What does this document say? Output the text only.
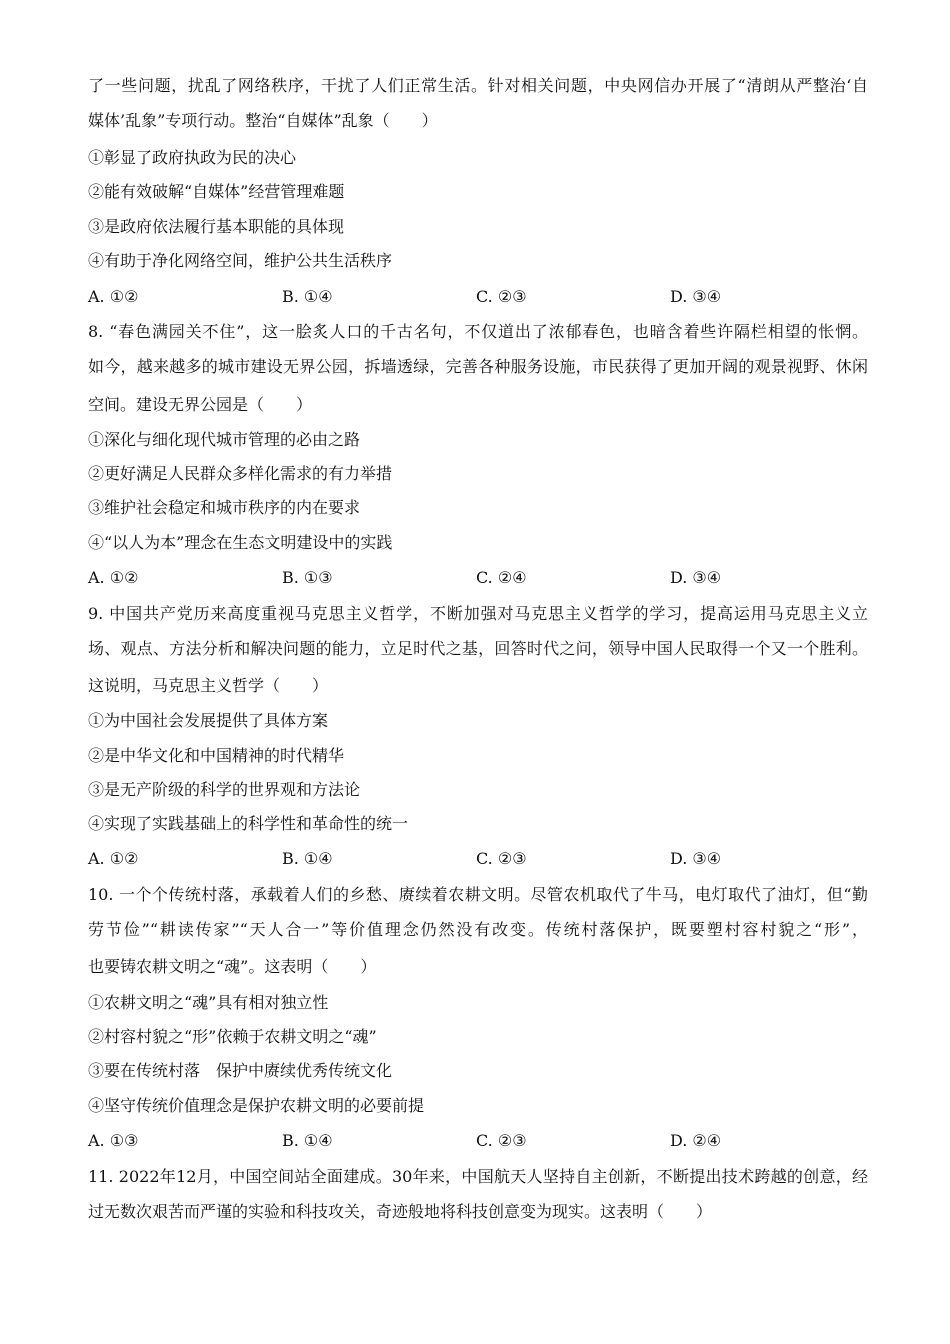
了一些问题，扰乱了网络秩序，干扰了人们正常生活。针对相关问题，中央网信办开展了“清朗从严整治‘自
媒体’乱象”专项行动。整治“自媒体”乱象（　　）
①彰显了政府执政为民的决心
②能有效破解“自媒体”经营管理难题
③是政府依法履行基本职能的具体现
④有助于净化网络空间，维护公共生活秩序
A. ①②	B. ①④	C. ②③	D. ③④
8. “春色满园关不住”，这一脍炙人口的千古名句，不仅道出了浓郁春色，也暗含着些许隔栏相望的怅惘。
如今，越来越多的城市建设无界公园，拆墙透绿，完善各种服务设施，市民获得了更加开阔的观景视野、休闲
空间。建设无界公园是（　　）
①深化与细化现代城市管理的必由之路
②更好满足人民群众多样化需求的有力举措
③维护社会稳定和城市秩序的内在要求
④“以人为本”理念在生态文明建设中的实践
A. ①②	B. ①③	C. ②④	D. ③④
9. 中国共产党历来高度重视马克思主义哲学，不断加强对马克思主义哲学的学习，提高运用马克思主义立
场、观点、方法分析和解决问题的能力，立足时代之基，回答时代之问，领导中国人民取得一个又一个胜利。
这说明，马克思主义哲学（　　）
①为中国社会发展提供了具体方案
②是中华文化和中国精神的时代精华
③是无产阶级的科学的世界观和方法论
④实现了实践基础上的科学性和革命性的统一
A. ①②	B. ①④	C. ②③	D. ③④
10. 一个个传统村落，承载着人们的乡愁、赓续着农耕文明。尽管农机取代了牛马，电灯取代了油灯，但“勤
劳节俭”“耕读传家”“天人合一”等价值理念仍然没有改变。传统村落保护，既要塑村容村貌之“形”，
也要铸农耕文明之“魂”。这表明（　　）
①农耕文明之“魂”具有相对独立性
②村容村貌之“形”依赖于农耕文明之“魂”
③要在传统村落　保护中赓续优秀传统文化
④坚守传统价值理念是保护农耕文明的必要前提
A. ①③	B. ①④	C. ②③	D. ②④
11. 2022年12月，中国空间站全面建成。30年来，中国航天人坚持自主创新，不断提出技术跨越的创意，经
过无数次艰苦而严谨的实验和科技攻关，奇迹般地将科技创意变为现实。这表明（　　）
